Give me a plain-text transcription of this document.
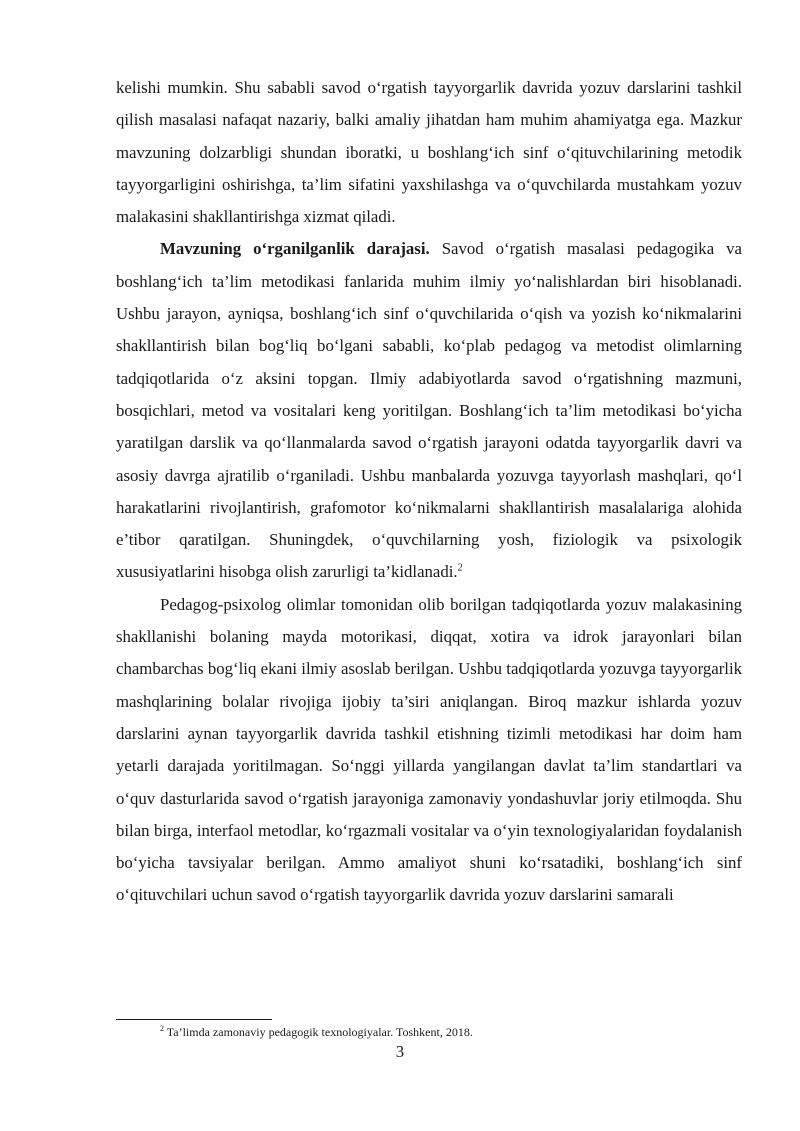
kelishi mumkin. Shu sababli savod o‘rgatish tayyorgarlik davrida yozuv darslarini tashkil qilish masalasi nafaqat nazariy, balki amaliy jihatdan ham muhim ahamiyatga ega. Mazkur mavzuning dolzarbligi shundan iboratki, u boshlang‘ich sinf o‘qituvchilarining metodik tayyorgarligini oshirishga, ta’lim sifatini yaxshilashga va o‘quvchilarda mustahkam yozuv malakasini shakllantirishga xizmat qiladi.

Mavzuning o‘rganilganlik darajasi. Savod o‘rgatish masalasi pedagogika va boshlang‘ich ta’lim metodikasi fanlarida muhim ilmiy yo‘nalishlardan biri hisoblanadi. Ushbu jarayon, ayniqsa, boshlang‘ich sinf o‘quvchilarida o‘qish va yozish ko‘nikmalarini shakllantirish bilan bog‘liq bo‘lgani sababli, ko‘plab pedagog va metodist olimlarning tadqiqotlarida o‘z aksini topgan. Ilmiy adabiyotlarda savod o‘rgatishning mazmuni, bosqichlari, metod va vositalari keng yoritilgan. Boshlang‘ich ta’lim metodikasi bo‘yicha yaratilgan darslik va qo‘llanmalarda savod o‘rgatish jarayoni odatda tayyorgarlik davri va asosiy davrga ajratilib o‘rganiladi. Ushbu manbalarda yozuvga tayyorlash mashqlari, qo‘l harakatlarini rivojlantirish, grafomotor ko‘nikmalarni shakllantirish masalalariga alohida e’tibor qaratilgan. Shuningdek, o‘quvchilarning yosh, fiziologik va psixologik xususiyatlarini hisobga olish zarurligi ta’kidlanadi.$^2$

Pedagog-psixolog olimlar tomonidan olib borilgan tadqiqotlarda yozuv malakasining shakllanishi bolaning mayda motorikasi, diqqat, xotira va idrok jarayonlari bilan chambarchas bog‘liq ekani ilmiy asoslab berilgan. Ushbu tadqiqotlarda yozuvga tayyorgarlik mashqlarining bolalar rivojiga ijobiy ta’siri aniqlangan. Biroq mazkur ishlarda yozuv darslarini aynan tayyorgarlik davrida tashkil etishning tizimli metodikasi har doim ham yetarli darajada yoritilmagan. So‘nggi yillarda yangilangan davlat ta’lim standartlari va o‘quv dasturlarida savod o‘rgatish jarayoniga zamonaviy yondashuvlar joriy etilmoqda. Shu bilan birga, interfaol metodlar, ko‘rgazmali vositalar va o‘yin texnologiyalaridan foydalanish bo‘yicha tavsiyalar berilgan. Ammo amaliyot shuni ko‘rsatadiki, boshlang‘ich sinf o‘qituvchilari uchun savod o‘rgatish tayyorgarlik davrida yozuv darslarini samarali

$^2$ Ta’limda zamonaviy pedagogik texnologiyalar. Toshkent, 2018.
3
